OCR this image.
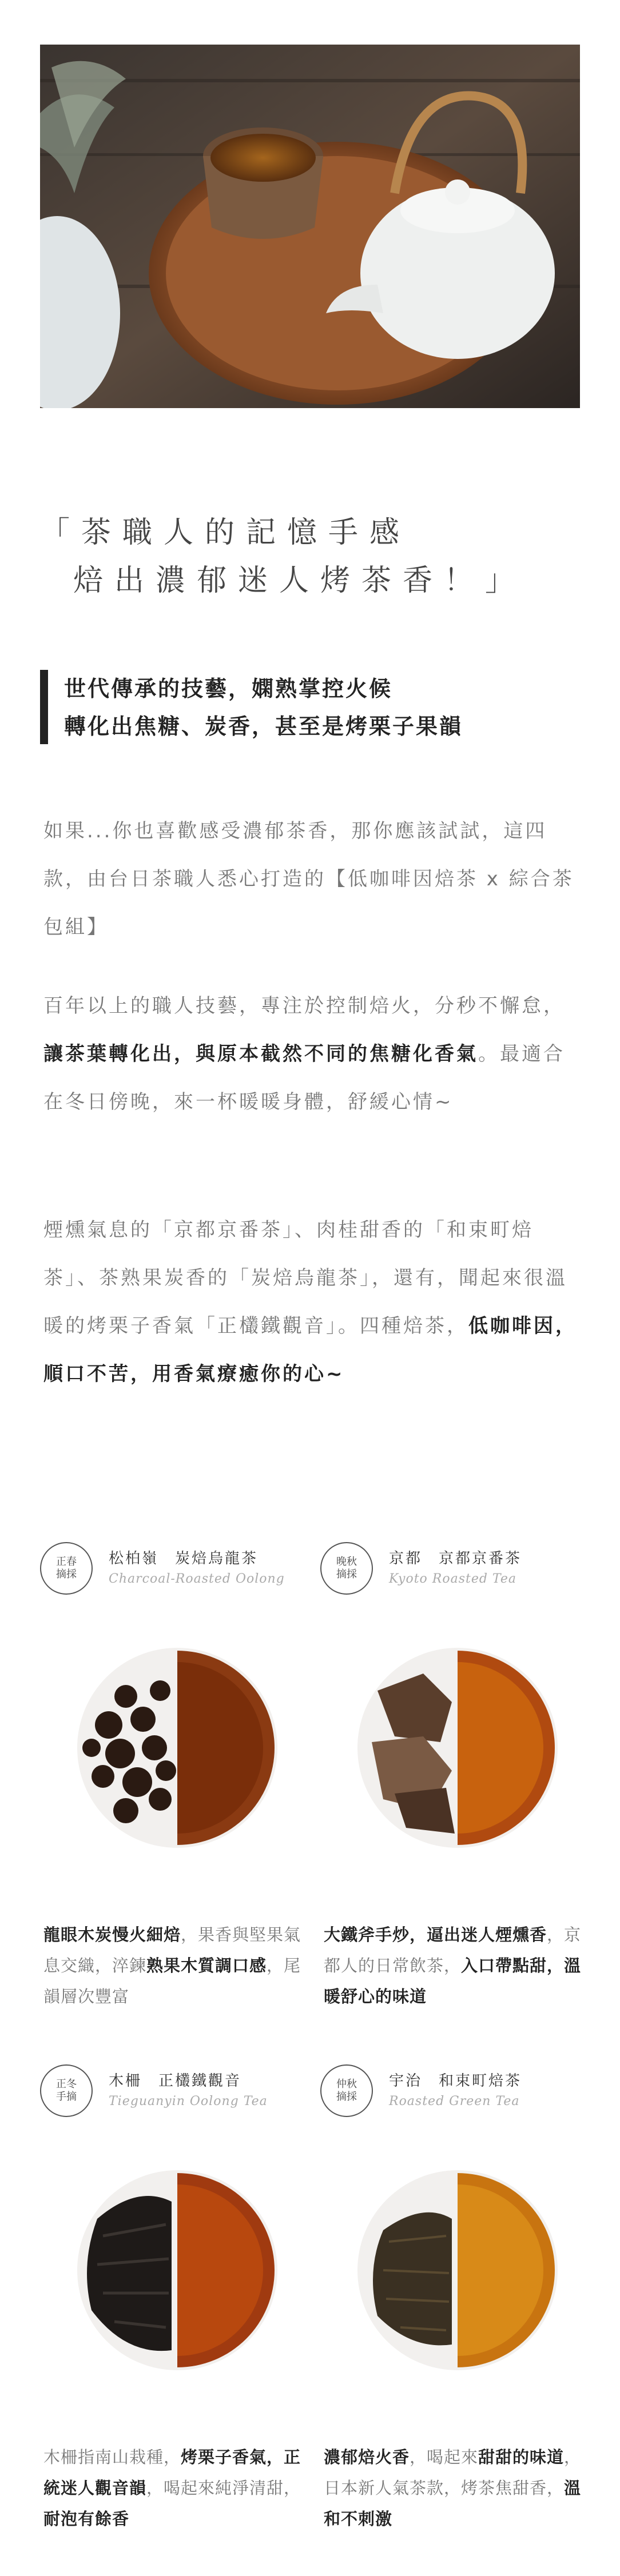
「茶職人的記憶手感

焙出濃郁迷人烤茶香！」

世代傳承的技藝，嫻熟掌控火候

轉化出焦糖、炭香，甚至是烤栗子果韻

如果...你也喜歡感受濃郁茶香，那你應該試試，這四款，由台日茶職人悉心打造的【低咖啡因焙茶 x 綜合茶包組】

百年以上的職人技藝，專注於控制焙火，分秒不懈怠，讓茶葉轉化出，與原本截然不同的焦糖化香氣。最適合在冬日傍晚，來一杯暖暖身體，舒緩心情~

煙燻氣息的「京都京番茶」、肉桂甜香的「和束町焙茶」、茶熟果炭香的「炭焙烏龍茶」，還有，聞起來很溫暖的烤栗子香氣「正欉鐵觀音」。四種焙茶，低咖啡因，順口不苦，用香氣療癒你的心~

正春
摘採
松柏嶺　炭焙烏龍茶
Charcoal-Roasted Oolong

龍眼木炭慢火細焙，果香與堅果氣息交織，淬鍊熟果木質調口感，尾韻層次豐富

晚秋
摘採
京都　京都京番茶
Kyoto Roasted Tea

大鐵斧手炒，逼出迷人煙燻香，京都人的日常飲茶，入口帶點甜，溫暖舒心的味道

正冬
手摘
木柵　正欉鐵觀音
Tieguanyin Oolong Tea

木柵指南山栽種，烤栗子香氣，正統迷人觀音韻，喝起來純淨清甜，耐泡有餘香

仲秋
摘採
宇治　和束町焙茶
Roasted Green Tea

濃郁焙火香，喝起來甜甜的味道，日本新人氣茶款，烤茶焦甜香，溫和不刺激
